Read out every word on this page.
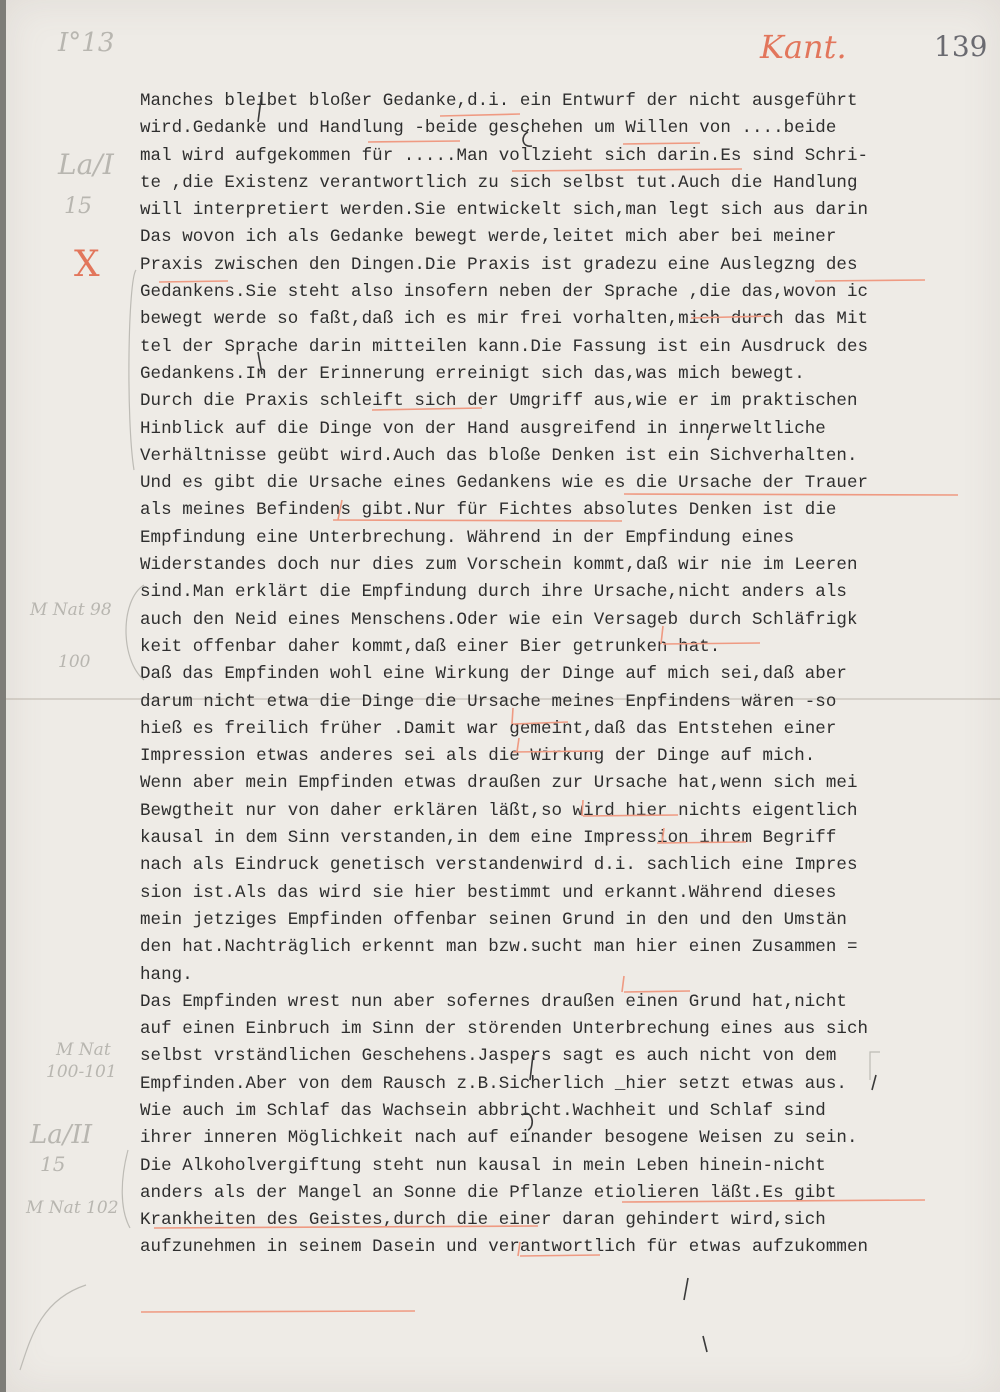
I°13	Kant.	139
La/I
15
X
M Nat 98
100
M Nat
100-101
La/II
15
M Nat 102
Manches bleibet bloßer Gedanke,d.i. ein Entwurf der nicht ausgeführt
wird.Gedanke und Handlung -beide geschehen um Willen von ....beide
mal wird aufgekommen für .....Man vollzieht sich darin.Es sind Schri-
te ,die Existenz verantwortlich zu sich selbst tut.Auch die Handlung
will interpretiert werden.Sie entwickelt sich,man legt sich aus darin
Das wovon ich als Gedanke bewegt werde,leitet mich aber bei meiner
Praxis zwischen den Dingen.Die Praxis ist gradezu eine Auslegzng des
Gedankens.Sie steht also insofern neben der Sprache ,die das,wovon ic
bewegt werde so faßt,daß ich es mir frei vorhalten,mich durch das Mit
tel der Sprache darin mitteilen kann.Die Fassung ist ein Ausdruck des
Gedankens.In der Erinnerung erreinigt sich das,was mich bewegt.
Durch die Praxis schleift sich der Umgriff aus,wie er im praktischen
Hinblick auf die Dinge von der Hand ausgreifend in innerweltliche
Verhältnisse geübt wird.Auch das bloße Denken ist ein Sichverhalten.
Und es gibt die Ursache eines Gedankens wie es die Ursache der Trauer
als meines Befindens gibt.Nur für Fichtes absolutes Denken ist die
Empfindung eine Unterbrechung. Während in der Empfindung eines
Widerstandes doch nur dies zum Vorschein kommt,daß wir nie im Leeren
sind.Man erklärt die Empfindung durch ihre Ursache,nicht anders als
auch den Neid eines Menschens.Oder wie ein Versageb durch Schläfrigk
keit offenbar daher kommt,daß einer Bier getrunken hat.
Daß das Empfinden wohl eine Wirkung der Dinge auf mich sei,daß aber
darum nicht etwa die Dinge die Ursache meines Enpfindens wären -so
hieß es freilich früher .Damit war gemeint,daß das Entstehen einer
Impression etwas anderes sei als die Wirkung der Dinge auf mich.
Wenn aber mein Empfinden etwas draußen zur Ursache hat,wenn sich mei
Bewgtheit nur von daher erklären läßt,so wird hier nichts eigentlich
kausal in dem Sinn verstanden,in dem eine Impression ihrem Begriff
nach als Eindruck genetisch verstandenwird d.i. sachlich eine Impres
sion ist.Als das wird sie hier bestimmt und erkannt.Während dieses
mein jetziges Empfinden offenbar seinen Grund in den und den Umstän
den hat.Nachträglich erkennt man bzw.sucht man hier einen Zusammen =
hang.
Das Empfinden wrest nun aber sofernes draußen einen Grund hat,nicht
auf einen Einbruch im Sinn der störenden Unterbrechung eines aus sich
selbst vrständlichen Geschehens.Jaspers sagt es auch nicht von dem
Empfinden.Aber von dem Rausch z.B.Sicherlich _hier setzt etwas aus.
Wie auch im Schlaf das Wachsein abbricht.Wachheit und Schlaf sind
ihrer inneren Möglichkeit nach auf einander besogene Weisen zu sein.
Die Alkoholvergiftung steht nun kausal in mein Leben hinein-nicht
anders als der Mangel an Sonne die Pflanze etiolieren läßt.Es gibt
Krankheiten des Geistes,durch die einer daran gehindert wird,sich
aufzunehmen in seinem Dasein und verantwortlich für etwas aufzukommen
